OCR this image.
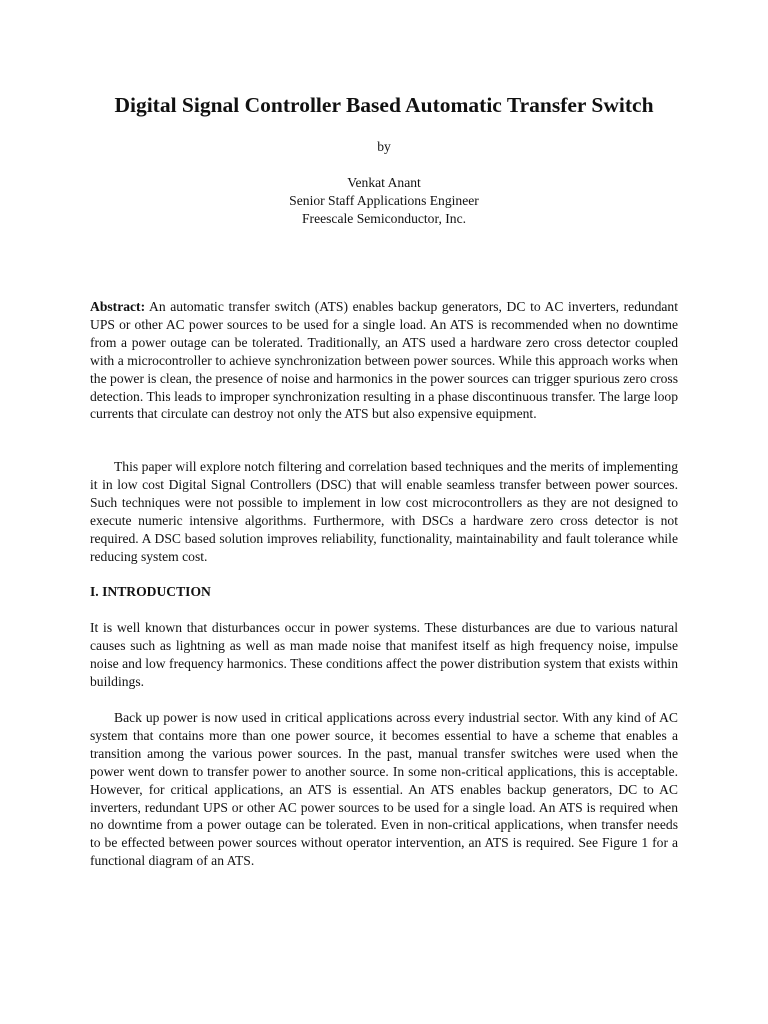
Digital Signal Controller Based Automatic Transfer Switch
by
Venkat Anant
Senior Staff Applications Engineer
Freescale Semiconductor, Inc.

Abstract: An automatic transfer switch (ATS) enables backup generators, DC to AC inverters, redundant UPS or other AC power sources to be used for a single load. An ATS is recommended when no downtime from a power outage can be tolerated. Traditionally, an ATS used a hardware zero cross detector coupled with a microcontroller to achieve synchronization between power sources. While this approach works when the power is clean, the presence of noise and harmonics in the power sources can trigger spurious zero cross detection. This leads to improper synchronization resulting in a phase discontinuous transfer. The large loop currents that circulate can destroy not only the ATS but also expensive equipment.

This paper will explore notch filtering and correlation based techniques and the merits of implementing it in low cost Digital Signal Controllers (DSC) that will enable seamless transfer between power sources. Such techniques were not possible to implement in low cost microcontrollers as they are not designed to execute numeric intensive algorithms. Furthermore, with DSCs a hardware zero cross detector is not required. A DSC based solution improves reliability, functionality, maintainability and fault tolerance while reducing system cost.

I. INTRODUCTION

It is well known that disturbances occur in power systems. These disturbances are due to various natural causes such as lightning as well as man made noise that manifest itself as high frequency noise, impulse noise and low frequency harmonics. These conditions affect the power distribution system that exists within buildings.

Back up power is now used in critical applications across every industrial sector. With any kind of AC system that contains more than one power source, it becomes essential to have a scheme that enables a transition among the various power sources. In the past, manual transfer switches were used when the power went down to transfer power to another source. In some non-critical applications, this is acceptable. However, for critical applications, an ATS is essential. An ATS enables backup generators, DC to AC inverters, redundant UPS or other AC power sources to be used for a single load. An ATS is required when no downtime from a power outage can be tolerated. Even in non-critical applications, when transfer needs to be effected between power sources without operator intervention, an ATS is required. See Figure 1 for a functional diagram of an ATS.
